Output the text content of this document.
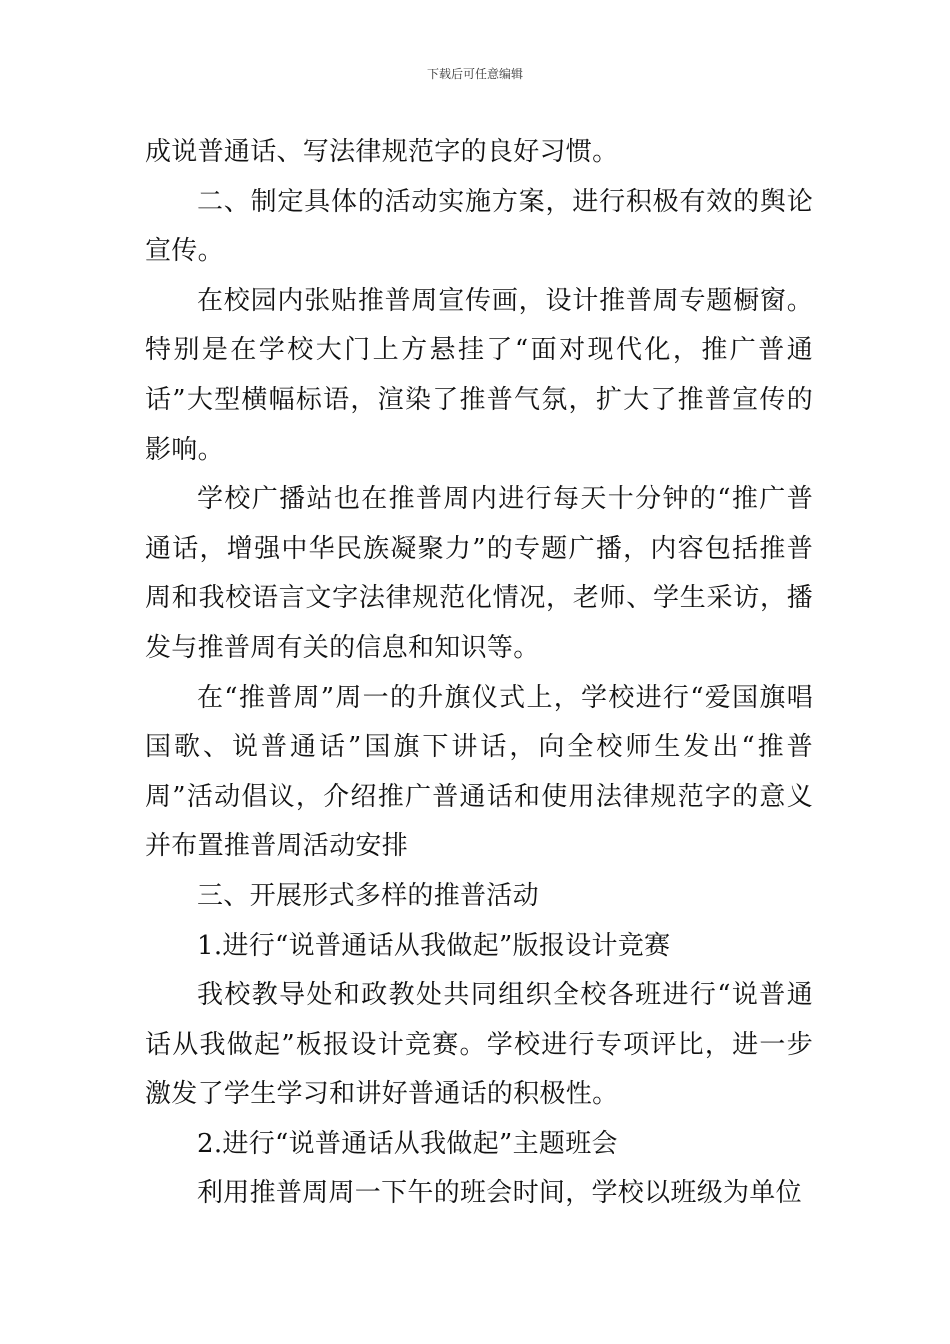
下载后可任意编辑

成说普通话、写法律规范字的良好习惯。

二、制定具体的活动实施方案，进行积极有效的舆论宣传。

在校园内张贴推普周宣传画，设计推普周专题橱窗。特别是在学校大门上方悬挂了“面对现代化，推广普通话”大型横幅标语，渲染了推普气氛，扩大了推普宣传的影响。

学校广播站也在推普周内进行每天十分钟的“推广普通话，增强中华民族凝聚力”的专题广播，内容包括推普周和我校语言文字法律规范化情况，老师、学生采访，播发与推普周有关的信息和知识等。

在“推普周”周一的升旗仪式上，学校进行“爱国旗唱国歌、说普通话”国旗下讲话，向全校师生发出“推普周”活动倡议，介绍推广普通话和使用法律规范字的意义并布置推普周活动安排

三、开展形式多样的推普活动

1.进行“说普通话从我做起”版报设计竞赛

我校教导处和政教处共同组织全校各班进行“说普通话从我做起”板报设计竞赛。学校进行专项评比，进一步激发了学生学习和讲好普通话的积极性。

2.进行“说普通话从我做起”主题班会

利用推普周周一下午的班会时间，学校以班级为单位
